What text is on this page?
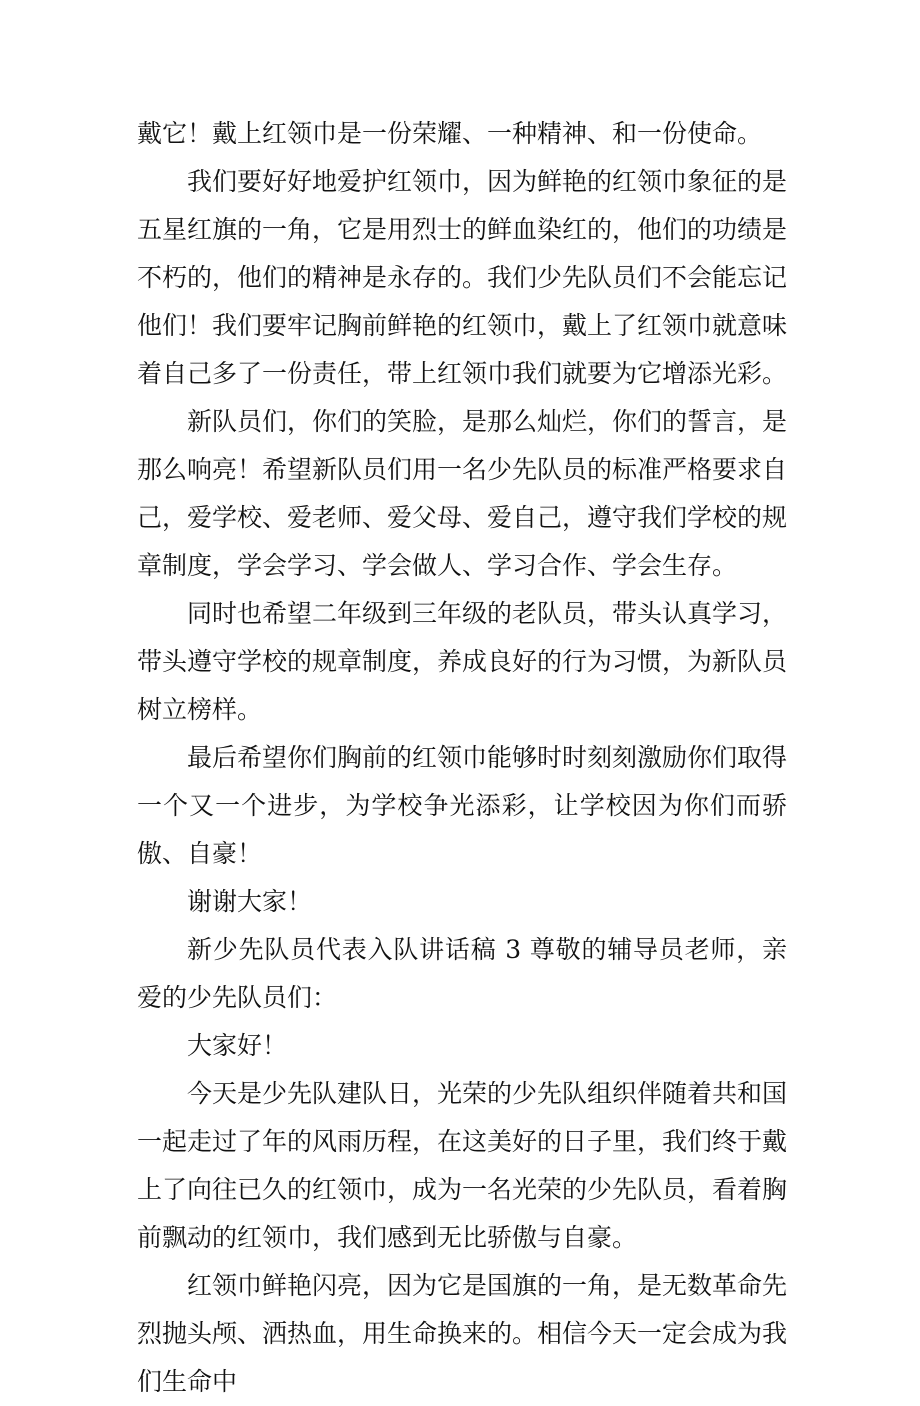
戴它！戴上红领巾是一份荣耀、一种精神、和一份使命。

我们要好好地爱护红领巾，因为鲜艳的红领巾象征的是五星红旗的一角，它是用烈士的鲜血染红的，他们的功绩是不朽的，他们的精神是永存的。我们少先队员们不会能忘记他们！我们要牢记胸前鲜艳的红领巾，戴上了红领巾就意味着自己多了一份责任，带上红领巾我们就要为它增添光彩。

新队员们，你们的笑脸，是那么灿烂，你们的誓言，是那么响亮！希望新队员们用一名少先队员的标准严格要求自己，爱学校、爱老师、爱父母、爱自己，遵守我们学校的规章制度，学会学习、学会做人、学习合作、学会生存。

同时也希望二年级到三年级的老队员，带头认真学习，带头遵守学校的规章制度，养成良好的行为习惯，为新队员树立榜样。

最后希望你们胸前的红领巾能够时时刻刻激励你们取得一个又一个进步，为学校争光添彩，让学校因为你们而骄傲、自豪！

谢谢大家！

新少先队员代表入队讲话稿 3 尊敬的辅导员老师，亲爱的少先队员们：

大家好！

今天是少先队建队日，光荣的少先队组织伴随着共和国一起走过了年的风雨历程，在这美好的日子里，我们终于戴上了向往已久的红领巾，成为一名光荣的少先队员，看着胸前飘动的红领巾，我们感到无比骄傲与自豪。

红领巾鲜艳闪亮，因为它是国旗的一角，是无数革命先烈抛头颅、洒热血，用生命换来的。相信今天一定会成为我们生命中
